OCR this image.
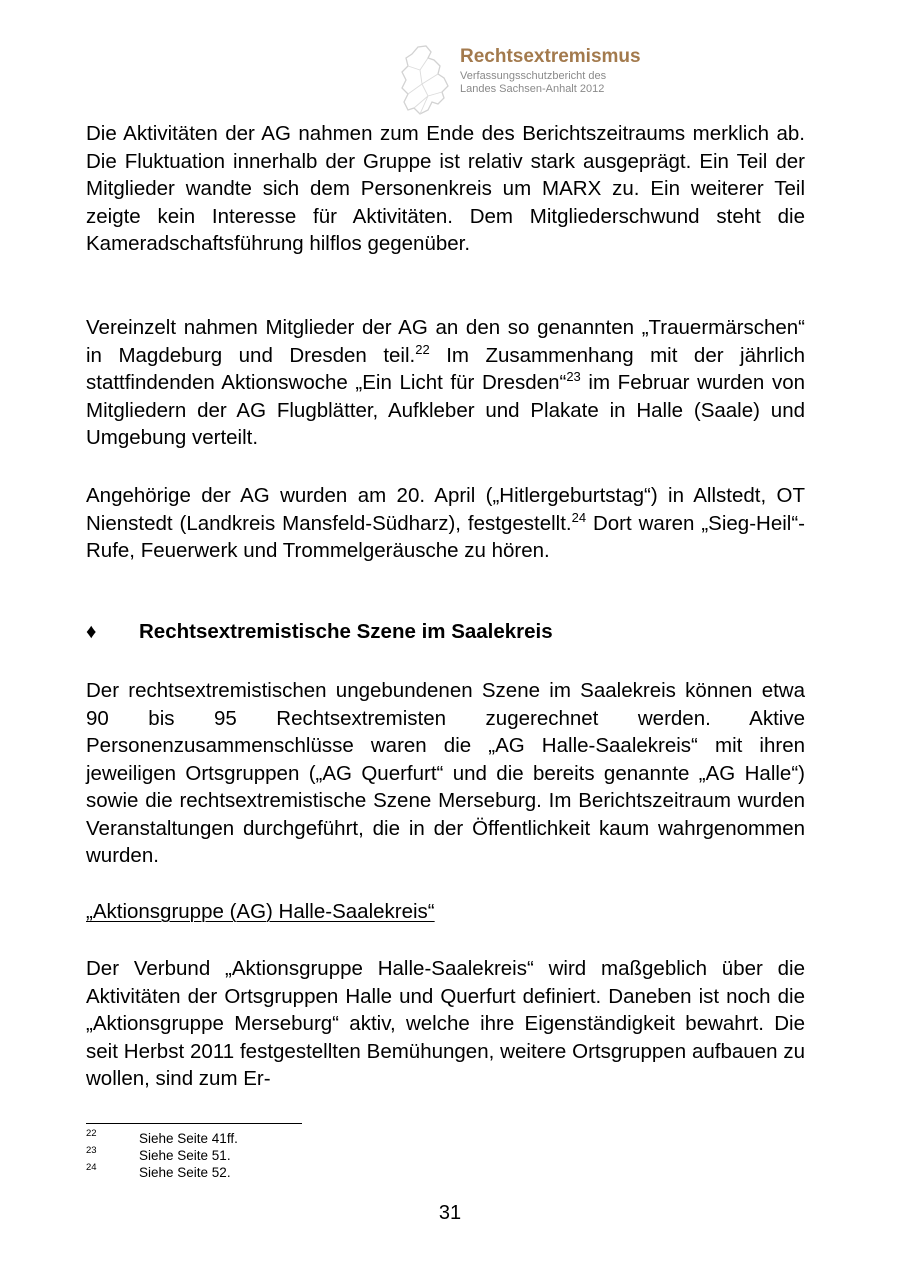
Rechtsextremismus
Verfassungsschutzbericht des
Landes Sachsen-Anhalt 2012

Die Aktivitäten der AG nahmen zum Ende des Berichtszeitraums merklich ab. Die Fluktuation innerhalb der Gruppe ist relativ stark ausgeprägt. Ein Teil der Mitglieder wandte sich dem Personenkreis um MARX zu. Ein weiterer Teil zeigte kein Interesse für Aktivitäten. Dem Mitgliederschwund steht die Kameradschaftsführung hilflos gegenüber.

Vereinzelt nahmen Mitglieder der AG an den so genannten „Trauermärschen“ in Magdeburg und Dresden teil.$^{22}$ Im Zusammenhang mit der jährlich stattfindenden Aktionswoche „Ein Licht für Dresden“$^{23}$ im Februar wurden von Mitgliedern der AG Flugblätter, Aufkleber und Plakate in Halle (Saale) und Umgebung verteilt.

Angehörige der AG wurden am 20. April („Hitlergeburtstag“) in Allstedt, OT Nienstedt (Landkreis Mansfeld-Südharz), festgestellt.$^{24}$ Dort waren „Sieg-Heil“-Rufe, Feuerwerk und Trommelgeräusche zu hören.

♦ Rechtsextremistische Szene im Saalekreis

Der rechtsextremistischen ungebundenen Szene im Saalekreis können etwa 90 bis 95 Rechtsextremisten zugerechnet werden. Aktive Personenzusammenschlüsse waren die „AG Halle-Saalekreis“ mit ihren jeweiligen Ortsgruppen („AG Querfurt“ und die bereits genannte „AG Halle“) sowie die rechtsextremistische Szene Merseburg. Im Berichtszeitraum wurden Veranstaltungen durchgeführt, die in der Öffentlichkeit kaum wahrgenommen wurden.

„Aktionsgruppe (AG) Halle-Saalekreis“

Der Verbund „Aktionsgruppe Halle-Saalekreis“ wird maßgeblich über die Aktivitäten der Ortsgruppen Halle und Querfurt definiert. Daneben ist noch die „Aktionsgruppe Merseburg“ aktiv, welche ihre Eigenständigkeit bewahrt. Die seit Herbst 2011 festgestellten Bemühungen, weitere Ortsgruppen aufbauen zu wollen, sind zum Er-

22	Siehe Seite 41ff.
23	Siehe Seite 51.
24	Siehe Seite 52.
31
